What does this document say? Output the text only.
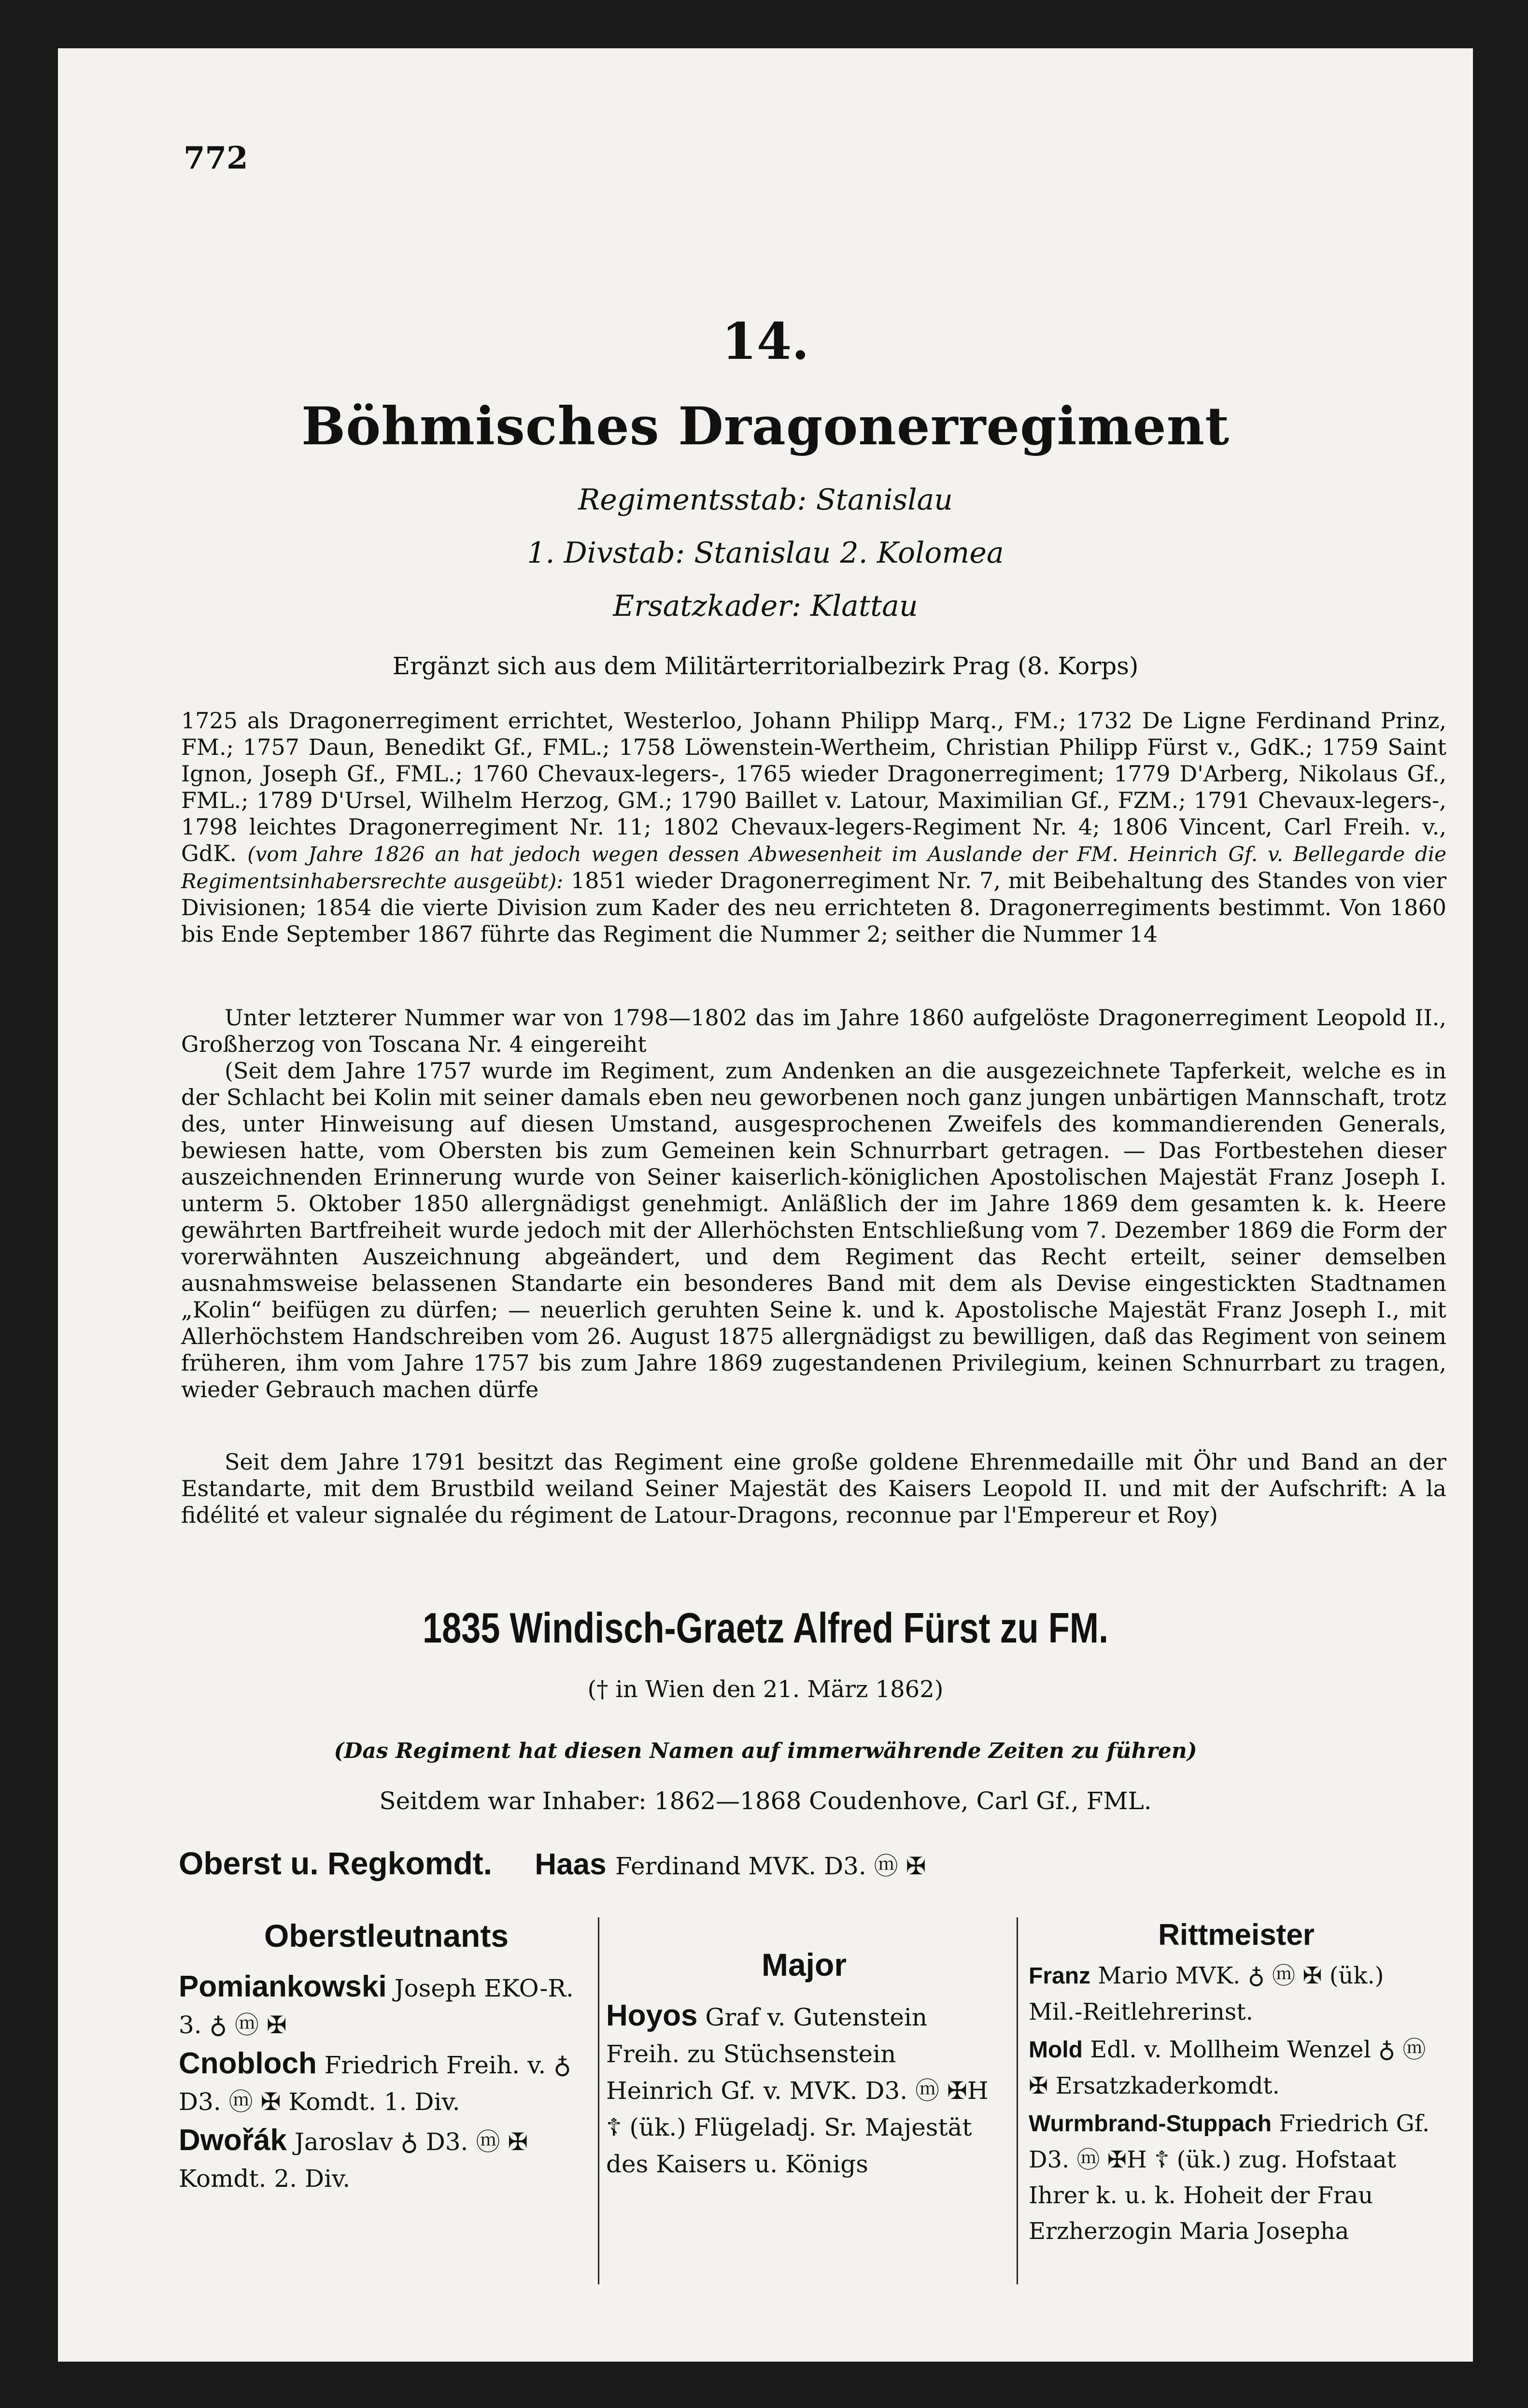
772
14.
Böhmisches Dragonerregiment
Regimentsstab: Stanislau
1. Divstab: Stanislau 2. Kolomea
Ersatzkader: Klattau
Ergänzt sich aus dem Militärterritorialbezirk Prag (8. Korps)
1725 als Dragonerregiment errichtet, Westerloo, Johann Philipp Marq., FM.; 1732 De Ligne Ferdinand Prinz, FM.; 1757 Daun, Benedikt Gf., FML.; 1758 Löwenstein-Wertheim, Christian Philipp Fürst v., GdK.; 1759 Saint Ignon, Joseph Gf., FML.; 1760 Chevaux-legers-, 1765 wieder Dragonerregiment; 1779 D'Arberg, Nikolaus Gf., FML.; 1789 D'Ursel, Wilhelm Herzog, GM.; 1790 Baillet v. Latour, Maximilian Gf., FZM.; 1791 Chevaux-legers-, 1798 leichtes Dragonerregiment Nr. 11; 1802 Chevaux-legers-Regiment Nr. 4; 1806 Vincent, Carl Freih. v., GdK. (vom Jahre 1826 an hat jedoch wegen dessen Abwesenheit im Auslande der FM. Heinrich Gf. v. Bellegarde die Regimentsinhabersrechte ausgeübt): 1851 wieder Dragonerregiment Nr. 7, mit Beibehaltung des Standes von vier Divisionen; 1854 die vierte Division zum Kader des neu errichteten 8. Dragonerregiments bestimmt. Von 1860 bis Ende September 1867 führte das Regiment die Nummer 2; seither die Nummer 14
Unter letzterer Nummer war von 1798—1802 das im Jahre 1860 aufgelöste Dragonerregiment Leopold II., Großherzog von Toscana Nr. 4 eingereiht
(Seit dem Jahre 1757 wurde im Regiment, zum Andenken an die ausgezeichnete Tapferkeit, welche es in der Schlacht bei Kolin mit seiner damals eben neu geworbenen noch ganz jungen unbärtigen Mannschaft, trotz des, unter Hinweisung auf diesen Umstand, ausgesprochenen Zweifels des kommandierenden Generals, bewiesen hatte, vom Obersten bis zum Gemeinen kein Schnurrbart getragen. — Das Fortbestehen dieser auszeichnenden Erinnerung wurde von Seiner kaiserlich-königlichen Apostolischen Majestät Franz Joseph I. unterm 5. Oktober 1850 allergnädigst genehmigt. Anläßlich der im Jahre 1869 dem gesamten k. k. Heere gewährten Bartfreiheit wurde jedoch mit der Allerhöchsten Entschließung vom 7. Dezember 1869 die Form der vorerwähnten Auszeichnung abgeändert, und dem Regiment das Recht erteilt, seiner demselben ausnahmsweise belassenen Standarte ein besonderes Band mit dem als Devise eingestickten Stadtnamen „Kolin“ beifügen zu dürfen; — neuerlich geruhten Seine k. und k. Apostolische Majestät Franz Joseph I., mit Allerhöchstem Handschreiben vom 26. August 1875 allergnädigst zu bewilligen, daß das Regiment von seinem früheren, ihm vom Jahre 1757 bis zum Jahre 1869 zugestandenen Privilegium, keinen Schnurrbart zu tragen, wieder Gebrauch machen dürfe
Seit dem Jahre 1791 besitzt das Regiment eine große goldene Ehrenmedaille mit Öhr und Band an der Estandarte, mit dem Brustbild weiland Seiner Majestät des Kaisers Leopold II. und mit der Aufschrift: A la fidélité et valeur signalée du régiment de Latour-Dragons, reconnue par l'Empereur et Roy)
1835 Windisch-Graetz Alfred Fürst zu FM.
(† in Wien den 21. März 1862)
(Das Regiment hat diesen Namen auf immerwährende Zeiten zu führen)
Seitdem war Inhaber: 1862—1868 Coudenhove, Carl Gf., FML.
Oberst u. Regkomdt. Haas Ferdinand MVK. D3. ⓜ ✠
Oberstleutnants
Pomiankowski Joseph EKO-R. 3. ♁ ⓜ ✠
Cnobloch Friedrich Freih. v. ♁ D3. ⓜ ✠ Komdt. 1. Div.
Dwořák Jaroslav ♁ D3. ⓜ ✠ Komdt. 2. Div.
Major
Hoyos Graf v. Gutenstein Freih. zu Stüchsenstein Heinrich Gf. v. MVK. D3. ⓜ ✠H ☦ (ük.) Flügeladj. Sr. Majestät des Kaisers u. Königs
Rittmeister
Franz Mario MVK. ♁ ⓜ ✠ (ük.) Mil.-Reitlehrerinst.
Mold Edl. v. Mollheim Wenzel ♁ ⓜ ✠ Ersatzkaderkomdt.
Wurmbrand-Stuppach Friedrich Gf. D3. ⓜ ✠H ☦ (ük.) zug. Hofstaat Ihrer k. u. k. Hoheit der Frau Erzherzogin Maria Josepha
